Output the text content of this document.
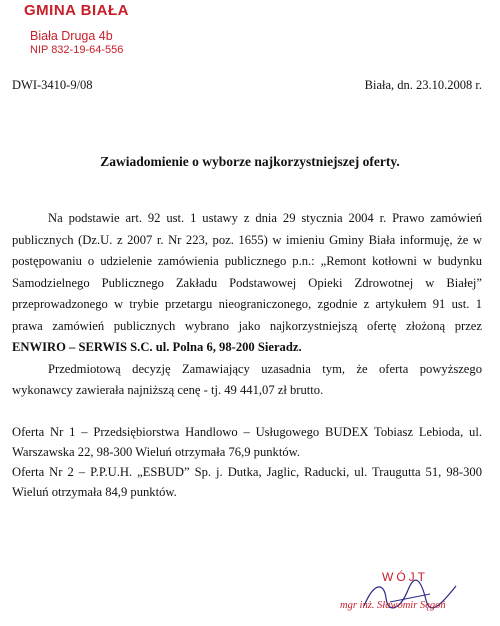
GMINA BIAŁA
Biała Druga 4b
NIP 832-19-64-556
DWI-3410-9/08	Biała, dn. 23.10.2008 r.
Zawiadomienie o wyborze najkorzystniejszej oferty.

Na podstawie art. 92 ust. 1 ustawy z dnia 29 stycznia 2004 r. Prawo zamówień publicznych (Dz.U. z 2007 r. Nr 223, poz. 1655) w imieniu Gminy Biała informuję, że w postępowaniu o udzielenie zamówienia publicznego p.n.: „Remont kotłowni w budynku Samodzielnego Publicznego Zakładu Podstawowej Opieki Zdrowotnej w Białej” przeprowadzonego w trybie przetargu nieograniczonego, zgodnie z artykułem 91 ust. 1 prawa zamówień publicznych wybrano jako najkorzystniejszą ofertę złożoną przez ENWIRO – SERWIS S.C. ul. Polna 6, 98-200 Sieradz.

Przedmiotową decyzję Zamawiający uzasadnia tym, że oferta powyższego wykonawcy zawierała najniższą cenę - tj. 49 441,07 zł brutto.

Oferta Nr 1 – Przedsiębiorstwa Handlowo – Usługowego BUDEX Tobiasz Lebioda, ul. Warszawska 22, 98-300 Wieluń otrzymała 76,9 punktów.

Oferta Nr 2 – P.P.U.H. „ESBUD” Sp. j. Dutka, Jaglic, Raducki, ul. Traugutta 51, 98-300 Wieluń otrzymała 84,9 punktów.

WÓJT
mgr inż. Sławomir Sęgoń
